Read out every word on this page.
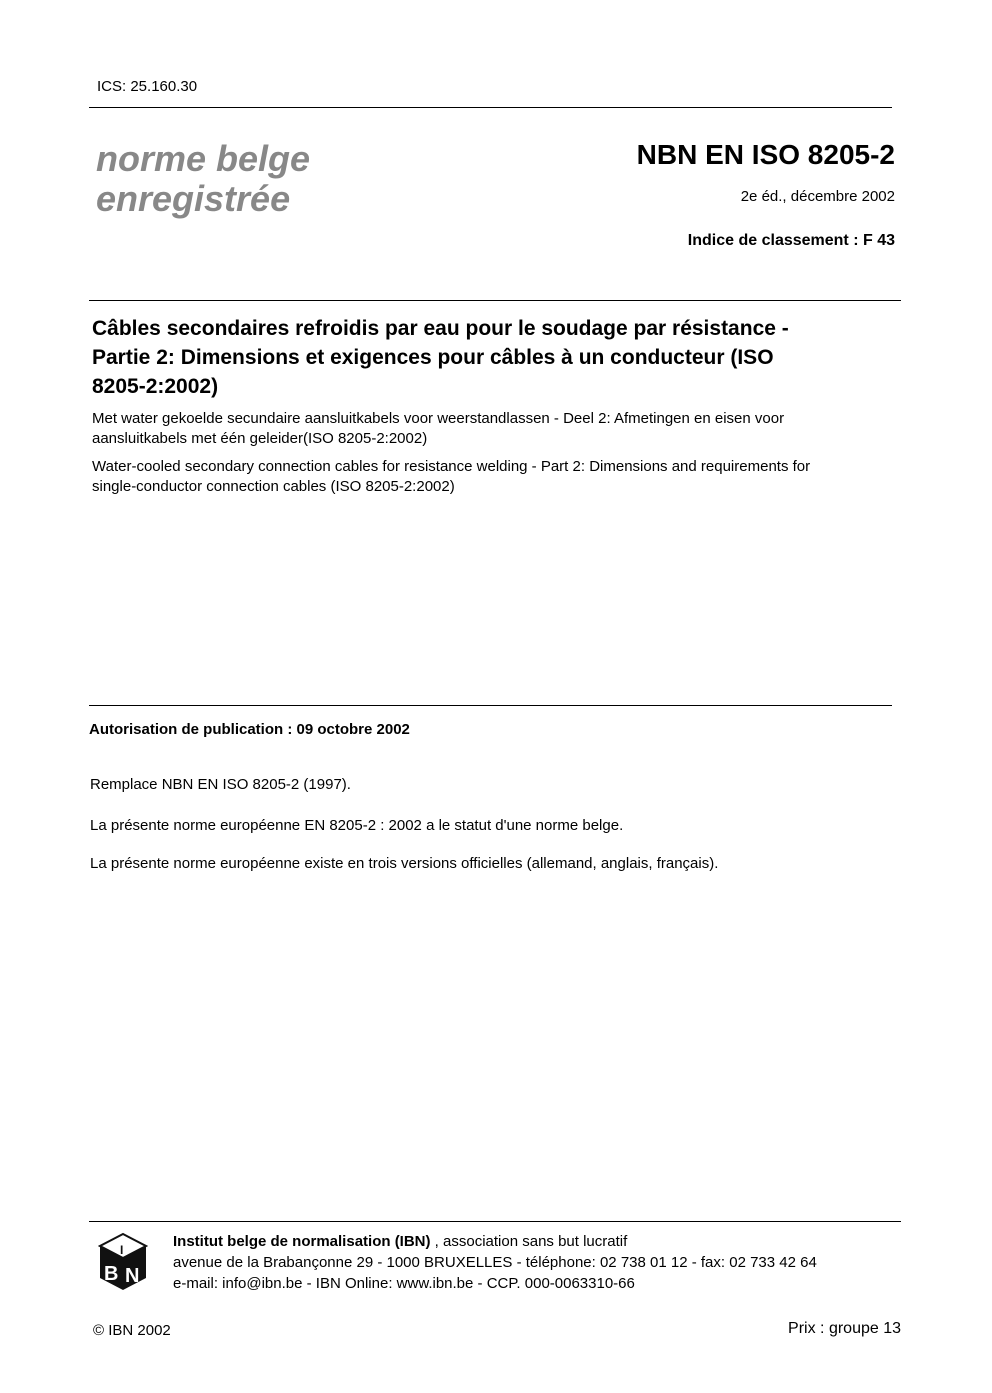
ICS: 25.160.30
norme belge
enregistrée
NBN EN ISO 8205-2
2e éd., décembre 2002
Indice de classement : F 43
Câbles secondaires refroidis par eau pour le soudage par résistance -
Partie 2: Dimensions et exigences pour câbles à un conducteur (ISO
8205-2:2002)
Met water gekoelde secundaire aansluitkabels voor weerstandlassen - Deel 2: Afmetingen en eisen voor
aansluitkabels met één geleider(ISO 8205-2:2002)
Water-cooled secondary connection cables for resistance welding - Part 2: Dimensions and requirements for
single-conductor connection cables (ISO 8205-2:2002)
Autorisation de publication : 09 octobre 2002
Remplace NBN EN ISO 8205-2 (1997).
La présente norme européenne EN 8205-2 : 2002 a le statut d'une norme belge.
La présente norme européenne existe en trois versions officielles (allemand, anglais, français).
I
B N
Institut belge de normalisation (IBN) , association sans but lucratif
avenue de la Brabançonne 29 - 1000 BRUXELLES - téléphone: 02 738 01 12 - fax: 02 733 42 64
e-mail: info@ibn.be - IBN Online: www.ibn.be - CCP. 000-0063310-66
© IBN 2002	Prix : groupe 13
